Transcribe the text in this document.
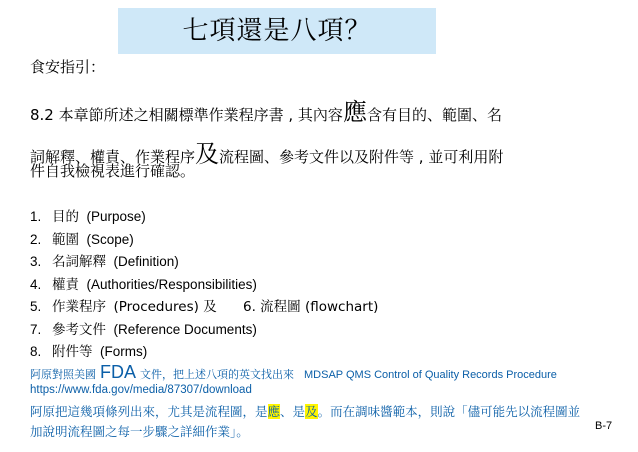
七項還是八項？
食安指引：
8.2 本章節所述之相關標準作業程序書 , 其內容應含有目的、範圍、名
詞解釋、權責、作業程序及流程圖、參考文件以及附件等 , 並可利用附
件自我檢視表進行確認。
1. 目的 (Purpose)
2. 範圍 (Scope)
3. 名詞解釋 (Definition)
4. 權責 (Authorities/Responsibilities)
5. 作業程序 (Procedures) 及 6. 流程圖 (flowchart)
7. 參考文件 (Reference Documents)
8. 附件等 (Forms)
阿原對照美國 FDA 文件，把上述八項的英文找出來 MDSAP QMS Control of Quality Records Procedure
https://www.fda.gov/media/87307/download
阿原把這幾項條列出來，尤其是流程圖，是應、是及。而在調味醬範本，則說「儘可能先以流程圖並加說明流程圖之每一步驟之詳細作業」。	B-7
